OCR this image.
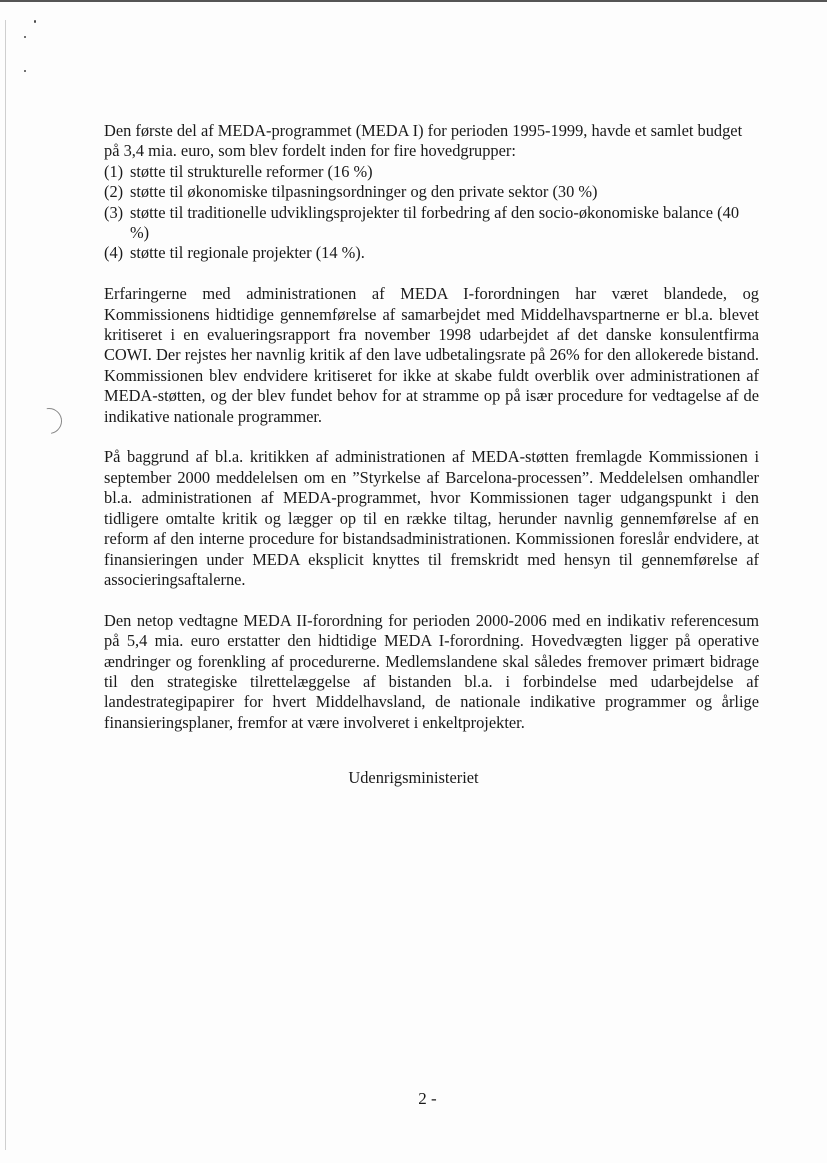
Den første del af MEDA-programmet (MEDA I) for perioden 1995-1999, havde et samlet budget på 3,4 mia. euro, som blev fordelt inden for fire hovedgrupper:

(1) støtte til strukturelle reformer (16 %)
(2) støtte til økonomiske tilpasningsordninger og den private sektor (30 %)
(3) støtte til traditionelle udviklingsprojekter til forbedring af den socio-økonomiske balance (40 %)
(4) støtte til regionale projekter (14 %).

Erfaringerne med administrationen af MEDA I-forordningen har været blandede, og Kommissionens hidtidige gennemførelse af samarbejdet med Middelhavspartnerne er bl.a. blevet kritiseret i en evalueringsrapport fra november 1998 udarbejdet af det danske konsulentfirma COWI. Der rejstes her navnlig kritik af den lave udbetalingsrate på 26% for den allokerede bistand. Kommissionen blev endvidere kritiseret for ikke at skabe fuldt overblik over administrationen af MEDA-støtten, og der blev fundet behov for at stramme op på især procedure for vedtagelse af de indikative nationale programmer.

På baggrund af bl.a. kritikken af administrationen af MEDA-støtten fremlagde Kommissionen i september 2000 meddelelsen om en ”Styrkelse af Barcelona-processen”. Meddelelsen omhandler bl.a. administrationen af MEDA-programmet, hvor Kommissionen tager udgangspunkt i den tidligere omtalte kritik og lægger op til en række tiltag, herunder navnlig gennemførelse af en reform af den interne procedure for bistandsadministrationen. Kommissionen foreslår endvidere, at finansieringen under MEDA eksplicit knyttes til fremskridt med hensyn til gennemførelse af associeringsaftalerne.

Den netop vedtagne MEDA II-forordning for perioden 2000-2006 med en indikativ referencesum på 5,4 mia. euro erstatter den hidtidige MEDA I-forordning. Hovedvægten ligger på operative ændringer og forenkling af procedurerne. Medlemslandene skal således fremover primært bidrage til den strategiske tilrettelæggelse af bistanden bl.a. i forbindelse med udarbejdelse af landestrategipapirer for hvert Middelhavsland, de nationale indikative programmer og årlige finansieringsplaner, fremfor at være involveret i enkeltprojekter.

Udenrigsministeriet
2 -
